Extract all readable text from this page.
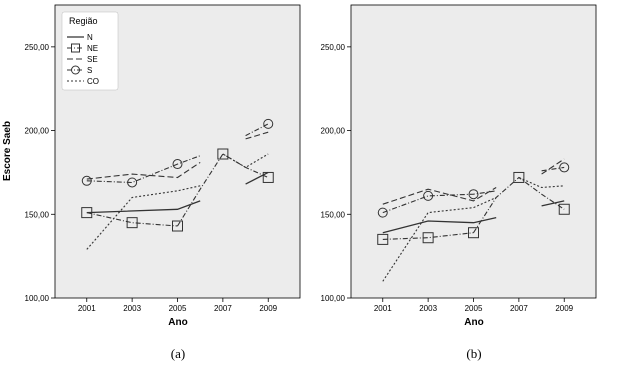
100,00
150,00
200,00
250,00
2001	2003	2005	2007	2009
Ano
Escore Saeb
Região
N
NE
SE
S
CO
(a)
100,00
150,00
200,00
250,00
2001	2003	2005	2007	2009
Ano
(b)
